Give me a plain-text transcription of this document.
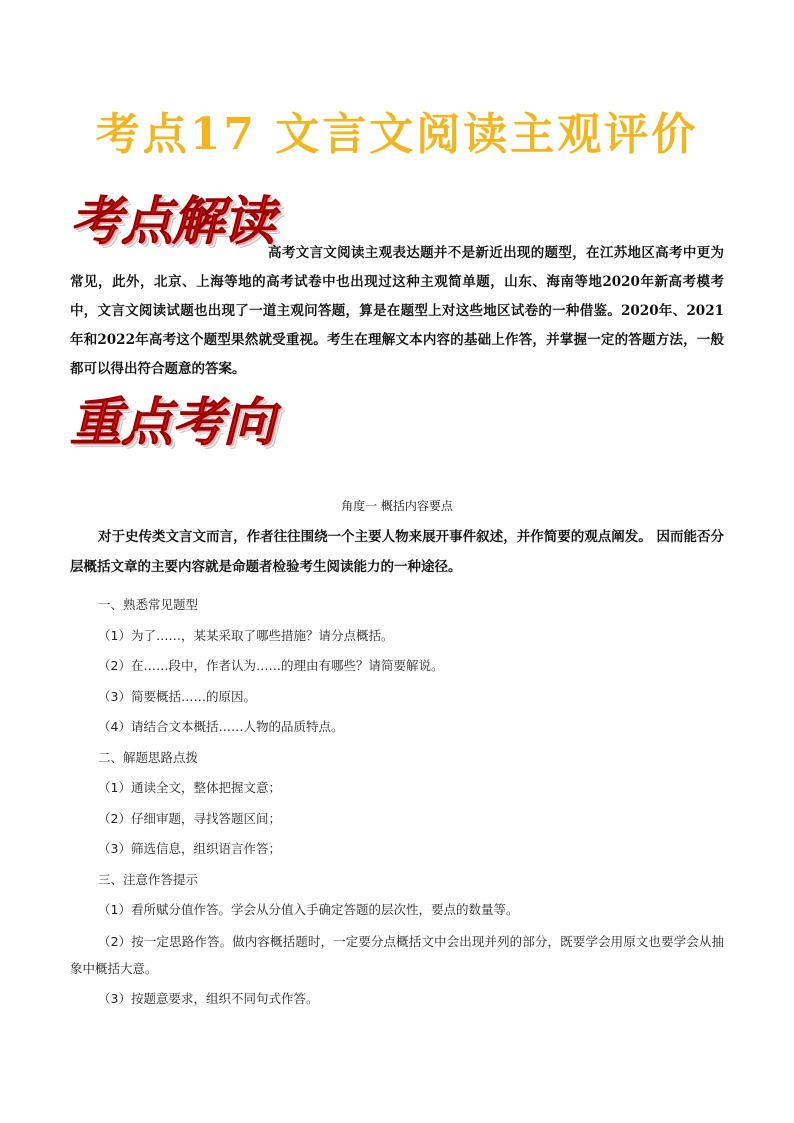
考点17 文言文阅读主观评价
考点解读

高考文言文阅读主观表达题并不是新近出现的题型，在江苏地区高考中更为常见，此外，北京、上海等地的高考试卷中也出现过这种主观简单题，山东、海南等地2020年新高考模考中，文言文阅读试题也出现了一道主观问答题，算是在题型上对这些地区试卷的一种借鉴。2020年、2021年和2022年高考这个题型果然就受重视。考生在理解文本内容的基础上作答，并掌握一定的答题方法，一般都可以得出符合题意的答案。

重点考向
角度一 概括内容要点

对于史传类文言文而言，作者往往围绕一个主要人物来展开事件叙述，并作简要的观点阐发。 因而能否分层概括文章的主要内容就是命题者检验考生阅读能力的一种途径。

一、熟悉常见题型
（1）为了……，某某采取了哪些措施？请分点概括。
（2）在……段中，作者认为……的理由有哪些？请简要解说。
（3）简要概括……的原因。
（4）请结合文本概括……人物的品质特点。
二、解题思路点拨
（1）通读全文，整体把握文意；
（2）仔细审题，寻找答题区间；
（3）筛选信息，组织语言作答；
三、注意作答提示
（1）看所赋分值作答。学会从分值入手确定答题的层次性，要点的数量等。
（2）按一定思路作答。做内容概括题时，一定要分点概括文中会出现并列的部分，既要学会用原文也要学会从抽象中概括大意。
（3）按题意要求，组织不同句式作答。
